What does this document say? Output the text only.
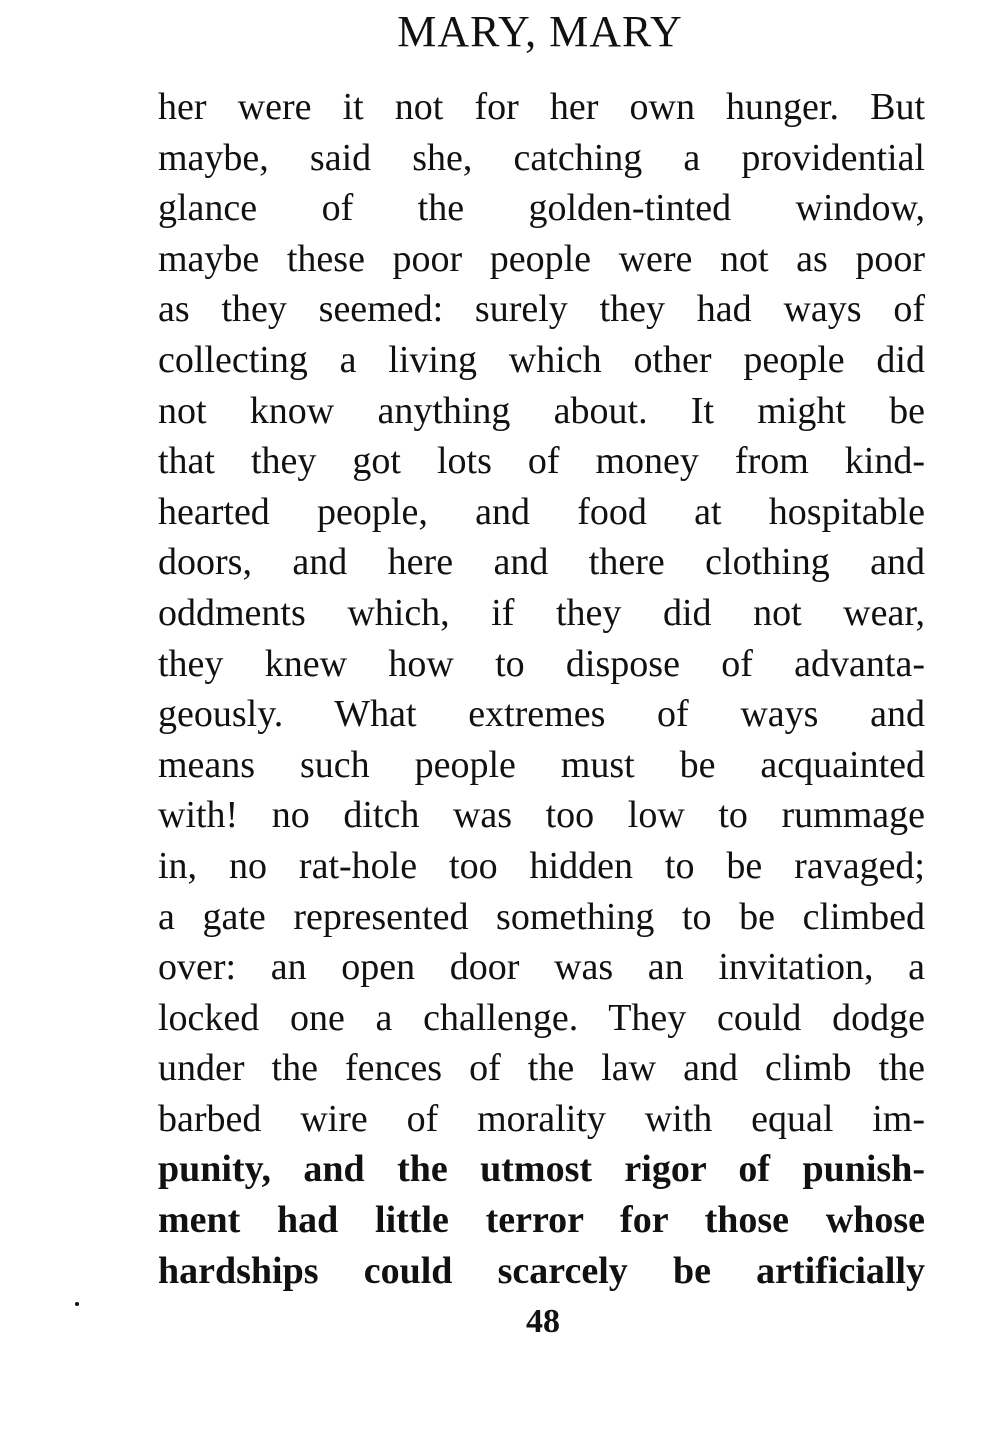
MARY, MARY
her were it not for her own hunger. But
maybe, said she, catching a providential
glance of the golden-tinted window,
maybe these poor people were not as poor
as they seemed: surely they had ways of
collecting a living which other people did
not know anything about. It might be
that they got lots of money from kind-
hearted people, and food at hospitable
doors, and here and there clothing and
oddments which, if they did not wear,
they knew how to dispose of advanta-
geously. What extremes of ways and
means such people must be acquainted
with! no ditch was too low to rummage
in, no rat-hole too hidden to be ravaged;
a gate represented something to be climbed
over: an open door was an invitation, a
locked one a challenge. They could dodge
under the fences of the law and climb the
barbed wire of morality with equal im-
punity, and the utmost rigor of punish-
ment had little terror for those whose
hardships could scarcely be artificially
48
